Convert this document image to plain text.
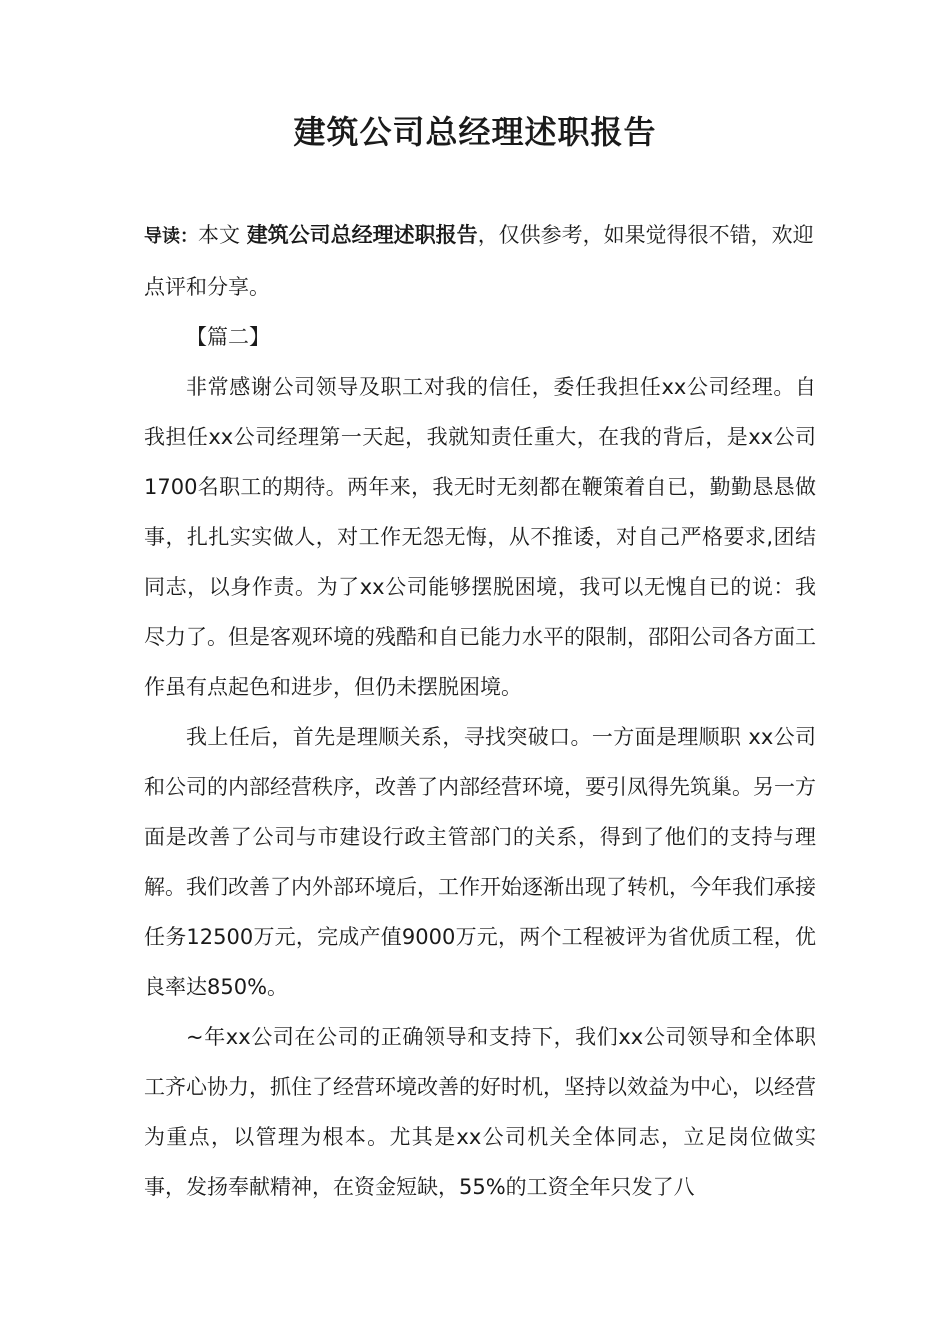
建筑公司总经理述职报告

导读：本文 建筑公司总经理述职报告，仅供参考，如果觉得很不错，欢迎点评和分享。

【篇二】

非常感谢公司领导及职工对我的信任，委任我担任xx公司经理。自我担任xx公司经理第一天起，我就知责任重大，在我的背后，是xx公司1700名职工的期待。两年来，我无时无刻都在鞭策着自已，勤勤恳恳做事，扎扎实实做人，对工作无怨无悔，从不推诿，对自己严格要求,团结同志，以身作责。为了xx公司能够摆脱困境，我可以无愧自已的说：我尽力了。但是客观环境的残酷和自已能力水平的限制，邵阳公司各方面工作虽有点起色和进步，但仍未摆脱困境。

我上任后，首先是理顺关系，寻找突破口。一方面是理顺职 xx公司和公司的内部经营秩序，改善了内部经营环境，要引凤得先筑巢。另一方面是改善了公司与市建设行政主管部门的关系，得到了他们的支持与理解。我们改善了内外部环境后，工作开始逐渐出现了转机，今年我们承接任务12500万元，完成产值9000万元，两个工程被评为省优质工程，优良率达850%。

~年xx公司在公司的正确领导和支持下，我们xx公司领导和全体职工齐心协力，抓住了经营环境改善的好时机，坚持以效益为中心，以经营为重点，以管理为根本。尤其是xx公司机关全体同志，立足岗位做实事，发扬奉献精神，在资金短缺，55%的工资全年只发了八
